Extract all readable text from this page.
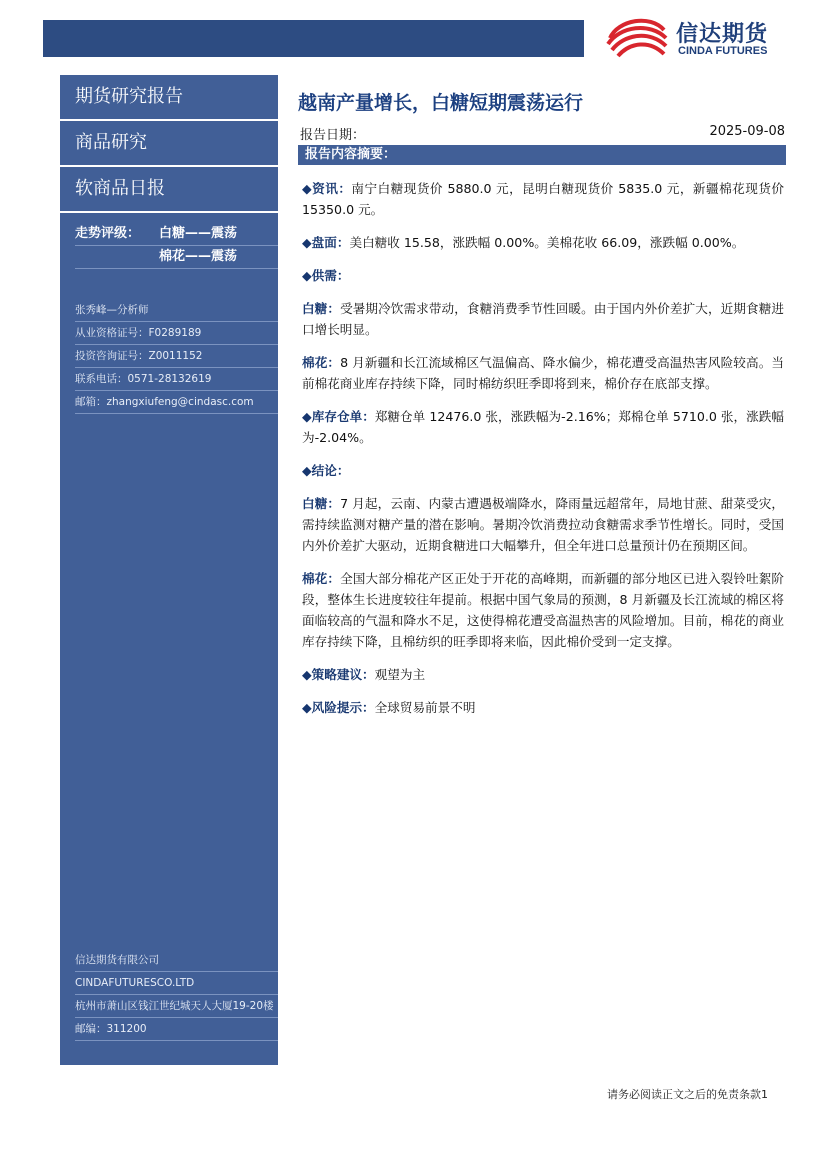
信达期货
CINDA FUTURES
期货研究报告
商品研究
软商品日报
走势评级：	白糖——震荡
棉花——震荡
张秀峰—分析师
从业资格证号：F0289189
投资咨询证号：Z0011152
联系电话：0571-28132619
邮箱：zhangxiufeng@cindasc.com
信达期货有限公司
CINDAFUTURESCO.LTD
杭州市萧山区钱江世纪城天人大厦19-20楼
邮编：311200
越南产量增长，白糖短期震荡运行
报告日期：	2025-09-08
报告内容摘要：

◆资讯：南宁白糖现货价 5880.0 元，昆明白糖现货价 5835.0 元，新疆棉花现货价 15350.0 元。

◆盘面：美白糖收 15.58，涨跌幅 0.00%。美棉花收 66.09，涨跌幅 0.00%。

◆供需：

白糖：受暑期冷饮需求带动，食糖消费季节性回暖。由于国内外价差扩大，近期食糖进口增长明显。

棉花：8 月新疆和长江流域棉区气温偏高、降水偏少，棉花遭受高温热害风险较高。当前棉花商业库存持续下降，同时棉纺织旺季即将到来，棉价存在底部支撑。

◆库存仓单：郑糖仓单 12476.0 张，涨跌幅为-2.16%；郑棉仓单 5710.0 张，涨跌幅为-2.04%。

◆结论：

白糖：7 月起，云南、内蒙古遭遇极端降水，降雨量远超常年，局地甘蔗、甜菜受灾，需持续监测对糖产量的潜在影响。暑期冷饮消费拉动食糖需求季节性增长。同时，受国内外价差扩大驱动，近期食糖进口大幅攀升，但全年进口总量预计仍在预期区间。

棉花：全国大部分棉花产区正处于开花的高峰期，而新疆的部分地区已进入裂铃吐絮阶段，整体生长进度较往年提前。根据中国气象局的预测，8 月新疆及长江流域的棉区将面临较高的气温和降水不足，这使得棉花遭受高温热害的风险增加。目前，棉花的商业库存持续下降，且棉纺织的旺季即将来临，因此棉价受到一定支撑。

◆策略建议：观望为主

◆风险提示：全球贸易前景不明

请务必阅读正文之后的免责条款1
